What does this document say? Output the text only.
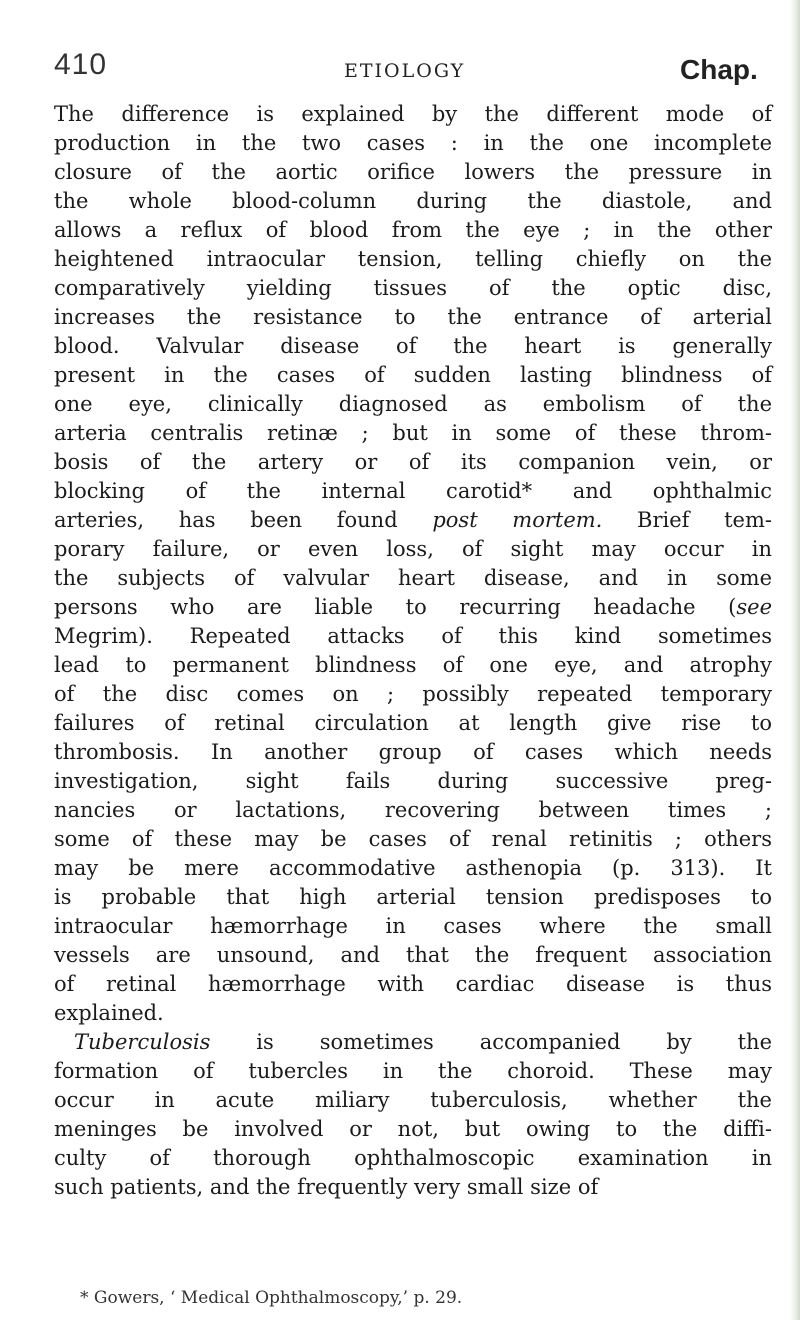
410	ETIOLOGY	Chap.
The difference is explained by the different mode of
production in the two cases : in the one incomplete
closure of the aortic orifice lowers the pressure in
the whole blood-column during the diastole, and
allows a reflux of blood from the eye ; in the other
heightened intraocular tension, telling chiefly on the
comparatively yielding tissues of the optic disc,
increases the resistance to the entrance of arterial
blood. Valvular disease of the heart is generally
present in the cases of sudden lasting blindness of
one eye, clinically diagnosed as embolism of the
arteria centralis retinæ ; but in some of these throm-
bosis of the artery or of its companion vein, or
blocking of the internal carotid* and ophthalmic
arteries, has been found post mortem. Brief tem-
porary failure, or even loss, of sight may occur in
the subjects of valvular heart disease, and in some
persons who are liable to recurring headache (see
Megrim). Repeated attacks of this kind sometimes
lead to permanent blindness of one eye, and atrophy
of the disc comes on ; possibly repeated temporary
failures of retinal circulation at length give rise to
thrombosis. In another group of cases which needs
investigation, sight fails during successive preg-
nancies or lactations, recovering between times ;
some of these may be cases of renal retinitis ; others
may be mere accommodative asthenopia (p. 313). It
is probable that high arterial tension predisposes to
intraocular hæmorrhage in cases where the small
vessels are unsound, and that the frequent association
of retinal hæmorrhage with cardiac disease is thus
explained.
Tuberculosis is sometimes accompanied by the
formation of tubercles in the choroid. These may
occur in acute miliary tuberculosis, whether the
meninges be involved or not, but owing to the diffi-
culty of thorough ophthalmoscopic examination in
such patients, and the frequently very small size of
* Gowers, ‘ Medical Ophthalmoscopy,’ p. 29.
